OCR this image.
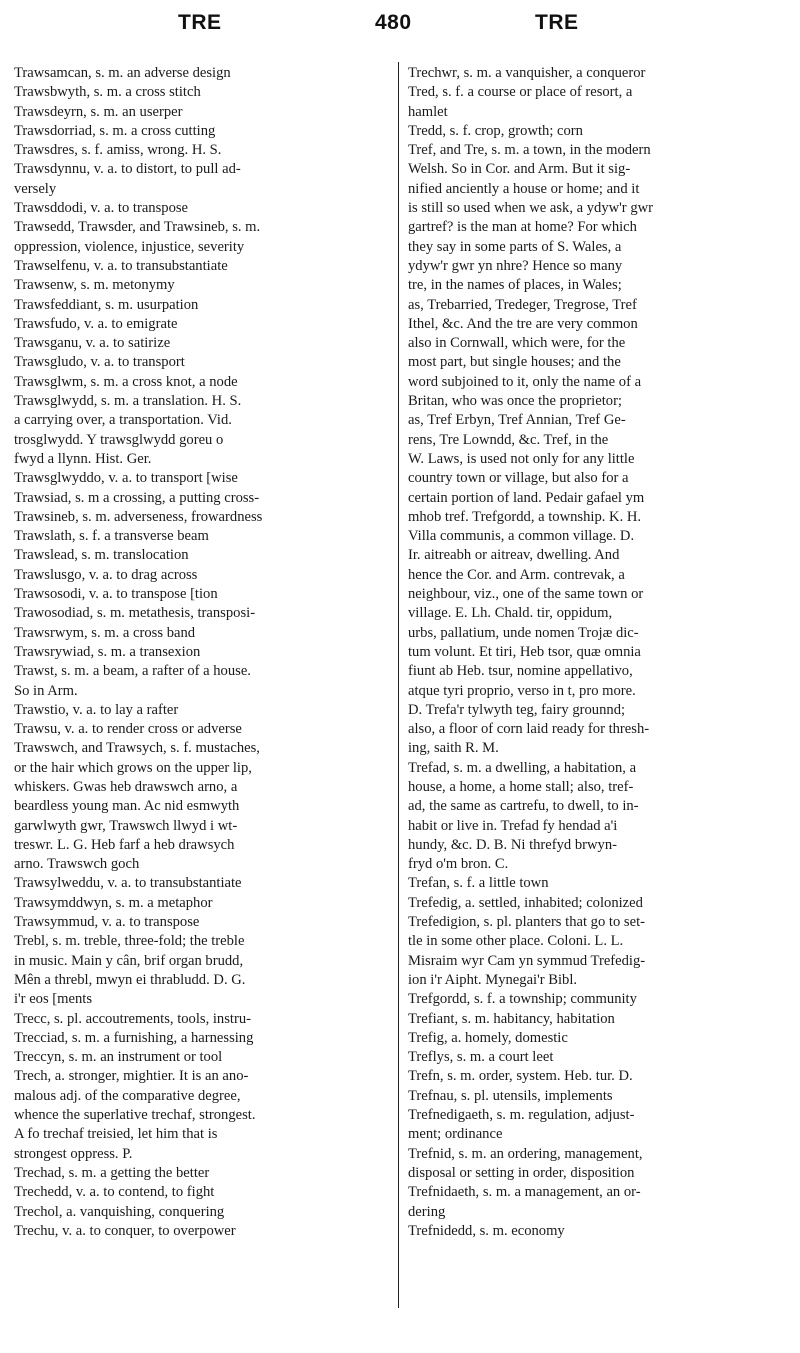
TRE	480	TRE
Trawsamcan, s. m. an adverse design
Trawsbwyth, s. m. a cross stitch
Trawsdeyrn, s. m. an userper
Trawsdorriad, s. m. a cross cutting
Trawsdres, s. f. amiss, wrong. H. S.
Trawsdynnu, v. a. to distort, to pull ad-
versely
Trawsddodi, v. a. to transpose
Trawsedd, Trawsder, and Trawsineb, s. m.
oppression, violence, injustice, severity
Trawselfenu, v. a. to transubstantiate
Trawsenw, s. m. metonymy
Trawsfeddiant, s. m. usurpation
Trawsfudo, v. a. to emigrate
Trawsganu, v. a. to satirize
Trawsgludo, v. a. to transport
Trawsglwm, s. m. a cross knot, a node
Trawsglwydd, s. m. a translation. H. S.
a carrying over, a transportation. Vid.
trosglwydd. Y trawsglwydd goreu o
fwyd a llynn. Hist. Ger.
Trawsglwyddo, v. a. to transport [wise
Trawsiad, s. m a crossing, a putting cross-
Trawsineb, s. m. adverseness, frowardness
Trawslath, s. f. a transverse beam
Trawslead, s. m. translocation
Trawslusgo, v. a. to drag across
Trawsosodi, v. a. to transpose [tion
Trawosodiad, s. m. metathesis, transposi-
Trawsrwym, s. m. a cross band
Trawsrywiad, s. m. a transexion
Trawst, s. m. a beam, a rafter of a house.
So in Arm.
Trawstio, v. a. to lay a rafter
Trawsu, v. a. to render cross or adverse
Trawswch, and Trawsych, s. f. mustaches,
or the hair which grows on the upper lip,
whiskers. Gwas heb drawswch arno, a
beardless young man. Ac nid esmwyth
garwlwyth gwr, Trawswch llwyd i wt-
treswr. L. G. Heb farf a heb drawsych
arno. Trawswch goch
Trawsylweddu, v. a. to transubstantiate
Trawsymddwyn, s. m. a metaphor
Trawsymmud, v. a. to transpose
Trebl, s. m. treble, three-fold; the treble
in music. Main y cân, brif organ brudd,
Mên a threbl, mwyn ei thrabludd. D. G.
i'r eos [ments
Trecc, s. pl. accoutrements, tools, instru-
Trecciad, s. m. a furnishing, a harnessing
Treccyn, s. m. an instrument or tool
Trech, a. stronger, mightier. It is an ano-
malous adj. of the comparative degree,
whence the superlative trechaf, strongest.
A fo trechaf treisied, let him that is
strongest oppress. P.
Trechad, s. m. a getting the better
Trechedd, v. a. to contend, to fight
Trechol, a. vanquishing, conquering
Trechu, v. a. to conquer, to overpower
Trechwr, s. m. a vanquisher, a conqueror
Tred, s. f. a course or place of resort, a
hamlet
Tredd, s. f. crop, growth; corn
Tref, and Tre, s. m. a town, in the modern
Welsh. So in Cor. and Arm. But it sig-
nified anciently a house or home; and it
is still so used when we ask, a ydyw'r gwr
gartref? is the man at home? For which
they say in some parts of S. Wales, a
ydyw'r gwr yn nhre? Hence so many
tre, in the names of places, in Wales;
as, Trebarried, Tredeger, Tregrose, Tref
Ithel, &c. And the tre are very common
also in Cornwall, which were, for the
most part, but single houses; and the
word subjoined to it, only the name of a
Britan, who was once the proprietor;
as, Tref Erbyn, Tref Annian, Tref Ge-
rens, Tre Lowndd, &c. Tref, in the
W. Laws, is used not only for any little
country town or village, but also for a
certain portion of land. Pedair gafael ym
mhob tref. Trefgordd, a township. K. H.
Villa communis, a common village. D.
Ir. aitreabh or aitreav, dwelling. And
hence the Cor. and Arm. contrevak, a
neighbour, viz., one of the same town or
village. E. Lh. Chald. tir, oppidum,
urbs, pallatium, unde nomen Trojæ dic-
tum volunt. Et tiri, Heb tsor, quæ omnia
fiunt ab Heb. tsur, nomine appellativo,
atque tyri proprio, verso in t, pro more.
D. Trefa'r tylwyth teg, fairy grounnd;
also, a floor of corn laid ready for thresh-
ing, saith R. M.
Trefad, s. m. a dwelling, a habitation, a
house, a home, a home stall; also, tref-
ad, the same as cartrefu, to dwell, to in-
habit or live in. Trefad fy hendad a'i
hundy, &c. D. B. Ni threfyd brwyn-
fryd o'm bron. C.
Trefan, s. f. a little town
Trefedig, a. settled, inhabited; colonized
Trefedigion, s. pl. planters that go to set-
tle in some other place. Coloni. L. L.
Misraim wyr Cam yn symmud Trefedig-
ion i'r Aipht. Mynegai'r Bibl.
Trefgordd, s. f. a township; community
Trefiant, s. m. habitancy, habitation
Trefig, a. homely, domestic
Treflys, s. m. a court leet
Trefn, s. m. order, system. Heb. tur. D.
Trefnau, s. pl. utensils, implements
Trefnedigaeth, s. m. regulation, adjust-
ment; ordinance
Trefnid, s. m. an ordering, management,
disposal or setting in order, disposition
Trefnidaeth, s. m. a management, an or-
dering
Trefnidedd, s. m. economy
